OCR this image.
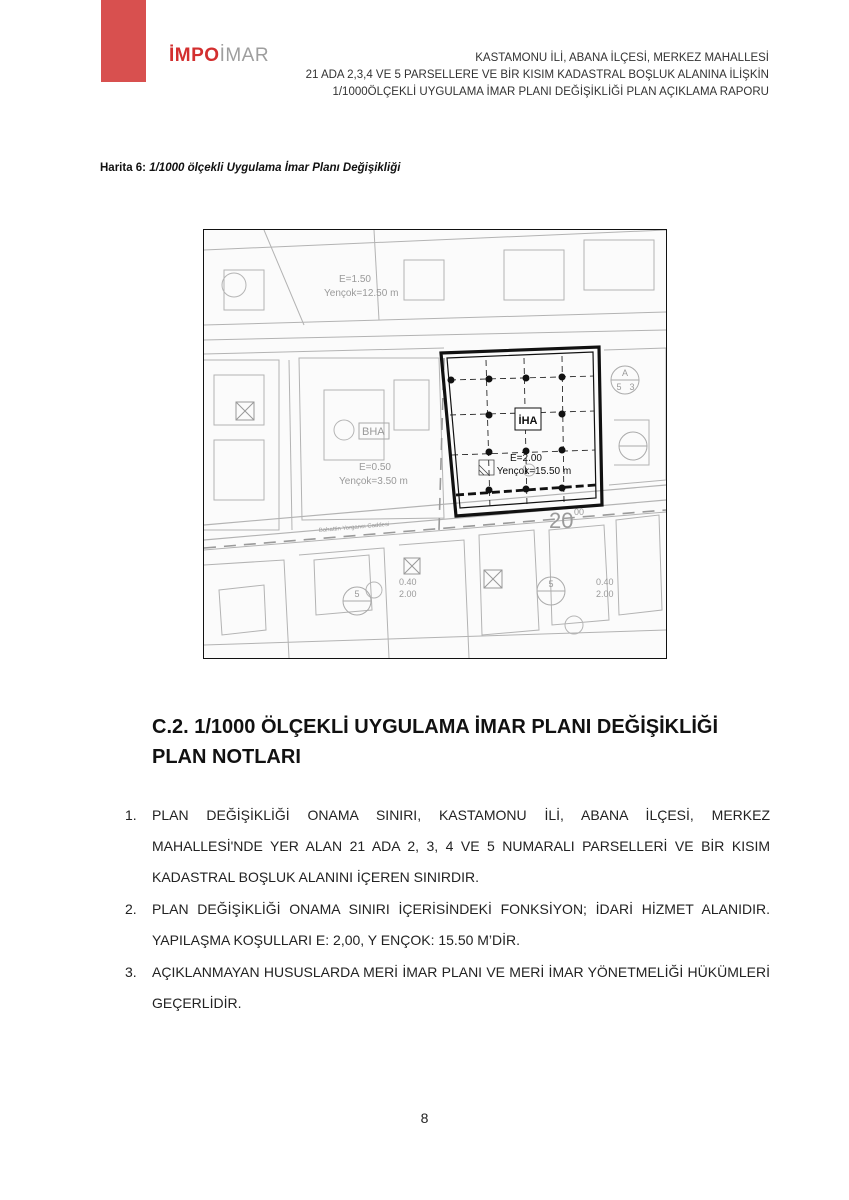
İMPOİMAR	KASTAMONU İLİ, ABANA İLÇESİ, MERKEZ MAHALLESİ
21 ADA 2,3,4 VE 5 PARSELLERE VE BİR KISIM KADASTRAL BOŞLUK ALANINA İLİŞKİN
1/1000ÖLÇEKLİ UYGULAMA İMAR PLANI DEĞİŞİKLİĞİ PLAN AÇIKLAMA RAPORU
Harita 6: 1/1000 ölçekli Uygulama İmar Planı Değişikliği
A
5 3
5
5
0.40
2.00
0.40
2.00
E=1.50
Yençok=12.50 m
BHA
E=0.50
Yençok=3.50 m
20 00
Bahattin Yorgancı Caddesi
İHA
E=2.00
Yençok=15.50 m
C.2. 1/1000 ÖLÇEKLİ UYGULAMA İMAR PLANI DEĞİŞİKLİĞİ PLAN NOTLARI
1. PLAN DEĞİŞİKLİĞİ ONAMA SINIRI, KASTAMONU İLİ, ABANA İLÇESİ, MERKEZ MAHALLESİ'NDE YER ALAN 21 ADA 2, 3, 4 VE 5 NUMARALI PARSELLERİ VE BİR KISIM KADASTRAL BOŞLUK ALANINI İÇEREN SINIRDIR.
2. PLAN DEĞİŞİKLİĞİ ONAMA SINIRI İÇERİSİNDEKİ FONKSİYON; İDARİ HİZMET ALANIDIR. YAPILAŞMA KOŞULLARI E: 2,00, Y ENÇOK: 15.50 M’DİR.
3. AÇIKLANMAYAN HUSUSLARDA MERİ İMAR PLANI VE MERİ İMAR YÖNETMELİĞİ HÜKÜMLERİ GEÇERLİDİR.
8
